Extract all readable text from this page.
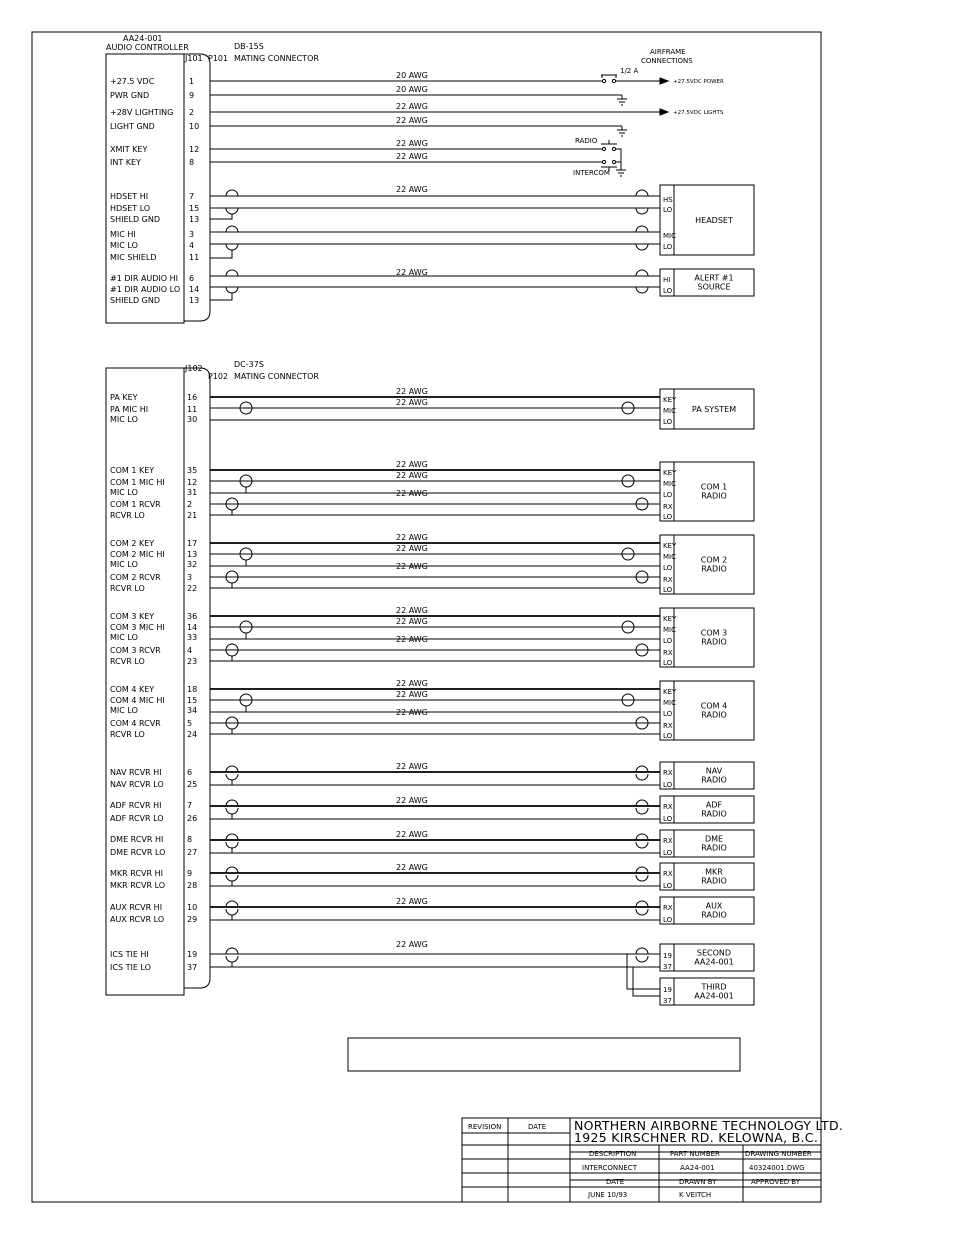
AA24-001
AUDIO CONTROLLER
J101 P101 MATING CONNECTOR
DB-15S
+27.5 VDC	1
PWR GND	9
+28V LIGHTING 2
LIGHT GND	10
XMIT KEY	12
INT KEY	8
HDSET HI	7
HDSET LO	15
SHIELD GND	13
MIC HI	3
MIC LO	4
MIC SHIELD	11
#1 DIR AUDIO HI 6
#1 DIR AUDIO LO 14
SHIELD GND	13
J102
P102 MATING CONNECTOR
DC-37S
PA KEY	16
PA MIC HI	11
MIC LO	30
COM 1 KEY	35
COM 1 MIC HI	12
MIC LO	31
COM 1 RCVR	2
RCVR LO	21
COM 2 KEY	17
COM 2 MIC HI	13
MIC LO	32
COM 2 RCVR	3
RCVR LO	22
COM 3 KEY	36
COM 3 MIC HI	14
MIC LO	33
COM 3 RCVR	4
RCVR LO	23
COM 4 KEY	18
COM 4 MIC HI	15
MIC LO	34
COM 4 RCVR	5
RCVR LO	24
NAV RCVR HI	6
NAV RCVR LO	25
ADF RCVR HI	7
ADF RCVR LO	26
DME RCVR HI	8
DME RCVR LO	27
MKR RCVR HI	9
MKR RCVR LO	28
AUX RCVR HI	10
AUX RCVR LO	29
ICS TIE HI	19
ICS TIE LO	37
AIRFRAME
CONNECTIONS
1/2 A
+27.5VDC POWER
+27.5VDC LIGHTS
RADIO
INTERCOM
20 AWG
20 AWG
22 AWG
22 AWG
22 AWG
22 AWG
22 AWG
22 AWG
22 AWG
22 AWG
22 AWG
22 AWG
22 AWG
22 AWG
22 AWG
22 AWG
22 AWG
22 AWG
22 AWG
22 AWG
22 AWG
22 AWG
22 AWG
22 AWG
22 AWG
22 AWG
22 AWG
22 AWG
HS
LO
MIC
LO
HEADSET
HI
LO
ALERT #1
SOURCE
KEY
MIC
LO
PA SYSTEM
KEY
MIC
LO
RX
LO
COM 1
RADIO
KEY
MIC
LO
RX
LO
COM 2
RADIO
KEY
MIC
LO
RX
LO
COM 3
RADIO
KEY
MIC
LO
RX
LO
COM 4
RADIO
RX
LO
NAV
RADIO
RX
LO
ADF
RADIO
RX
LO
DME
RADIO
RX
LO
MKR
RADIO
RX
LO
AUX
RADIO
19
37
SECOND
AA24-001
19
37
THIRD
AA24-001
REVISION	DATE NORTHERN AIRBORNE TECHNOLOGY LTD.
1925 KIRSCHNER RD. KELOWNA, B.C.
DESCRIPTION	PART NUMBER	DRAWING NUMBER
INTERCONNECT	AA24-001	40324001.DWG
DATE	DRAWN BY	APPROVED BY
JUNE 10/93	K VEITCH
